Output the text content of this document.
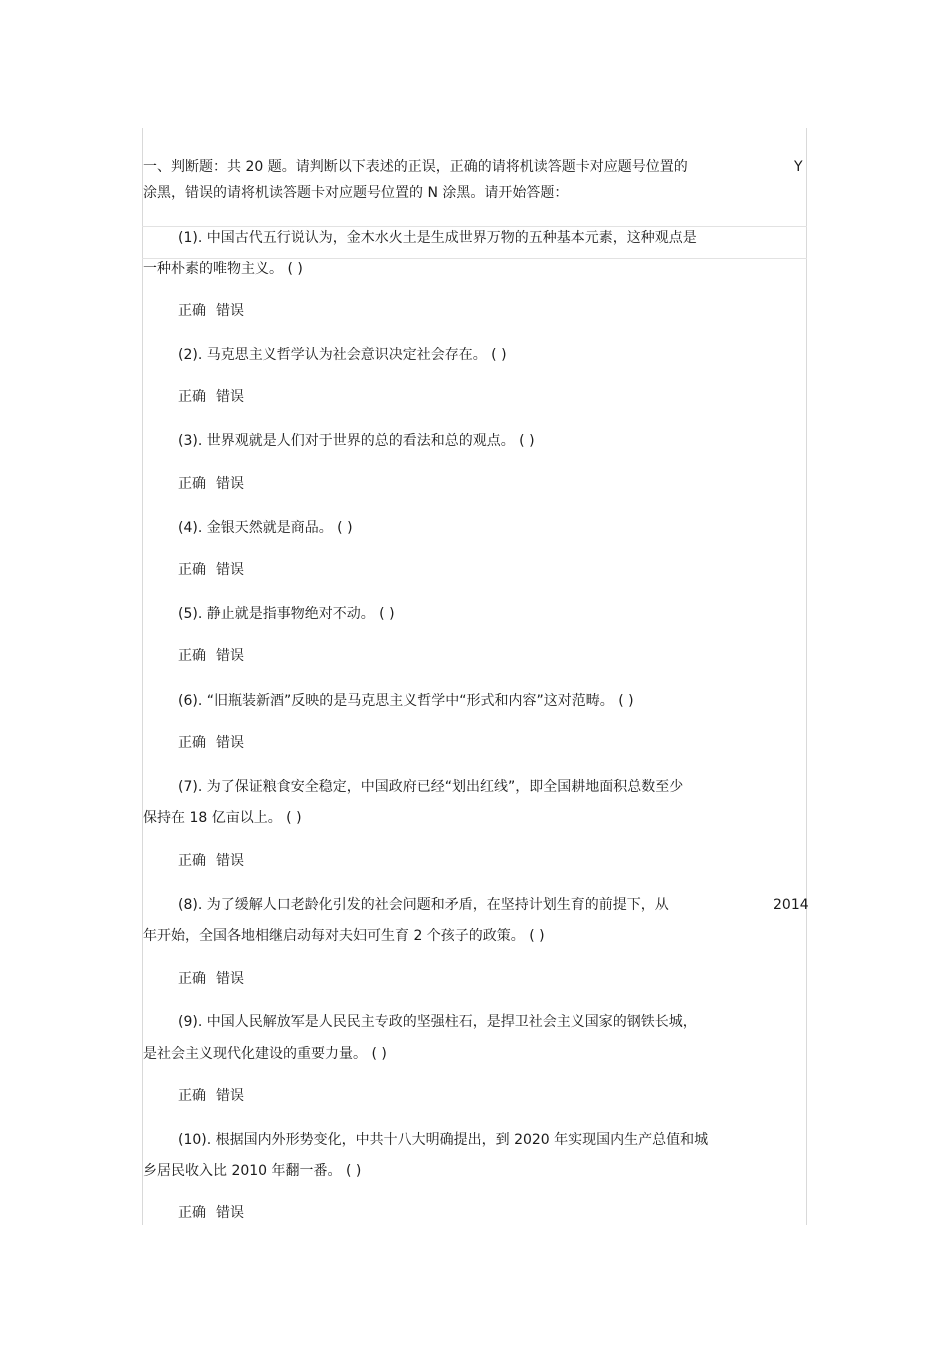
一、判断题：共 20 题。请判断以下表述的正误，正确的请将机读答题卡对应题号位置的	Y
涂黑，错误的请将机读答题卡对应题号位置的 N 涂黑。请开始答题：
(1). 中国古代五行说认为，金木水火土是生成世界万物的五种基本元素，这种观点是
一种朴素的唯物主义。 ( )
正确 错误
(2). 马克思主义哲学认为社会意识决定社会存在。 ( )
正确 错误
(3). 世界观就是人们对于世界的总的看法和总的观点。 ( )
正确 错误
(4). 金银天然就是商品。 ( )
正确 错误
(5). 静止就是指事物绝对不动。 ( )
正确 错误
(6). “旧瓶装新酒”反映的是马克思主义哲学中“形式和内容”这对范畴。 ( )
正确 错误
(7). 为了保证粮食安全稳定，中国政府已经“划出红线”，即全国耕地面积总数至少
保持在 18 亿亩以上。 ( )
正确 错误
(8). 为了缓解人口老龄化引发的社会问题和矛盾，在坚持计划生育的前提下，从	2014
年开始，全国各地相继启动每对夫妇可生育 2 个孩子的政策。 ( )
正确 错误
(9). 中国人民解放军是人民民主专政的坚强柱石，是捍卫社会主义国家的钢铁长城，
是社会主义现代化建设的重要力量。 ( )
正确 错误
(10). 根据国内外形势变化，中共十八大明确提出，到 2020 年实现国内生产总值和城
乡居民收入比 2010 年翻一番。 ( )
正确 错误
